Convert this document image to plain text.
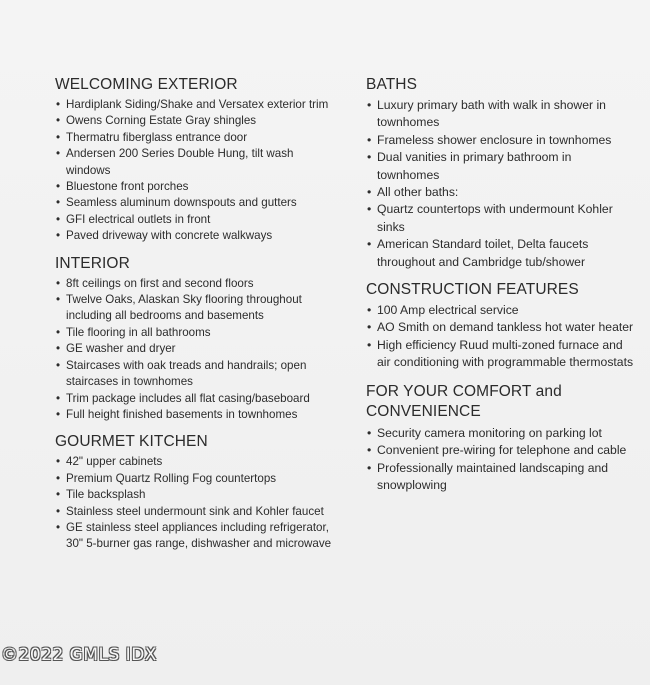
WELCOMING EXTERIOR
• Hardiplank Siding/Shake and Versatex exterior trim
• Owens Corning Estate Gray shingles
• Thermatru fiberglass entrance door
• Andersen 200 Series Double Hung, tilt wash windows
• Bluestone front porches
• Seamless aluminum downspouts and gutters
• GFI electrical outlets in front
• Paved driveway with concrete walkways
INTERIOR
• 8ft ceilings on first and second floors
• Twelve Oaks, Alaskan Sky flooring throughout including all bedrooms and basements
• Tile flooring in all bathrooms
• GE washer and dryer
• Staircases with oak treads and handrails; open staircases in townhomes
• Trim package includes all flat casing/baseboard
• Full height finished basements in townhomes
GOURMET KITCHEN
• 42" upper cabinets
• Premium Quartz Rolling Fog countertops
• Tile backsplash
• Stainless steel undermount sink and Kohler faucet
• GE stainless steel appliances including refrigerator, 30" 5-burner gas range, dishwasher and microwave
BATHS
• Luxury primary bath with walk in shower in townhomes
• Frameless shower enclosure in townhomes
• Dual vanities in primary bathroom in townhomes
• All other baths:
• Quartz countertops with undermount Kohler sinks
• American Standard toilet, Delta faucets throughout and Cambridge tub/shower
CONSTRUCTION FEATURES
• 100 Amp electrical service
• AO Smith on demand tankless hot water heater
• High efficiency Ruud multi-zoned furnace and air conditioning with programmable thermostats
FOR YOUR COMFORT and
CONVENIENCE
• Security camera monitoring on parking lot
• Convenient pre-wiring for telephone and cable
• Professionally maintained landscaping and snowplowing
©2022 GMLS IDX
